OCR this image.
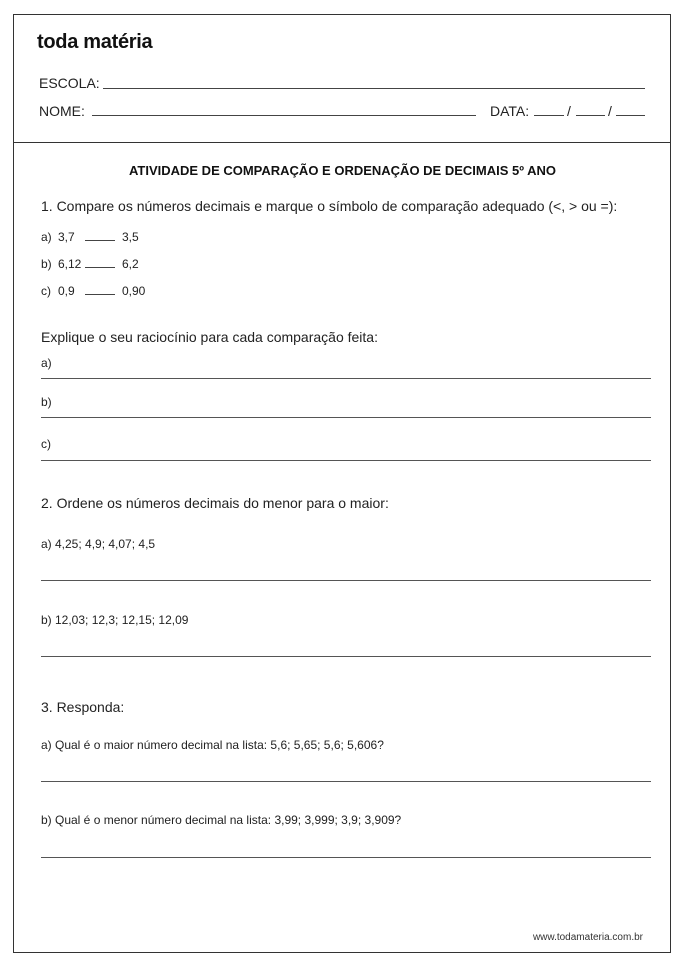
toda matéria
ESCOLA:
NOME:	DATA:	/	/
ATIVIDADE DE COMPARAÇÃO E ORDENAÇÃO DE DECIMAIS 5º ANO
1. Compare os números decimais e marque o símbolo de comparação adequado (<, > ou =):
a) 3,7	3,5
b) 6,12	6,2
c) 0,9	0,90
Explique o seu raciocínio para cada comparação feita:
a)
b)
c)
2. Ordene os números decimais do menor para o maior:
a) 4,25; 4,9; 4,07; 4,5
b) 12,03; 12,3; 12,15; 12,09
3. Responda:
a) Qual é o maior número decimal na lista: 5,6; 5,65; 5,6; 5,606?
b) Qual é o menor número decimal na lista: 3,99; 3,999; 3,9; 3,909?
www.todamateria.com.br
